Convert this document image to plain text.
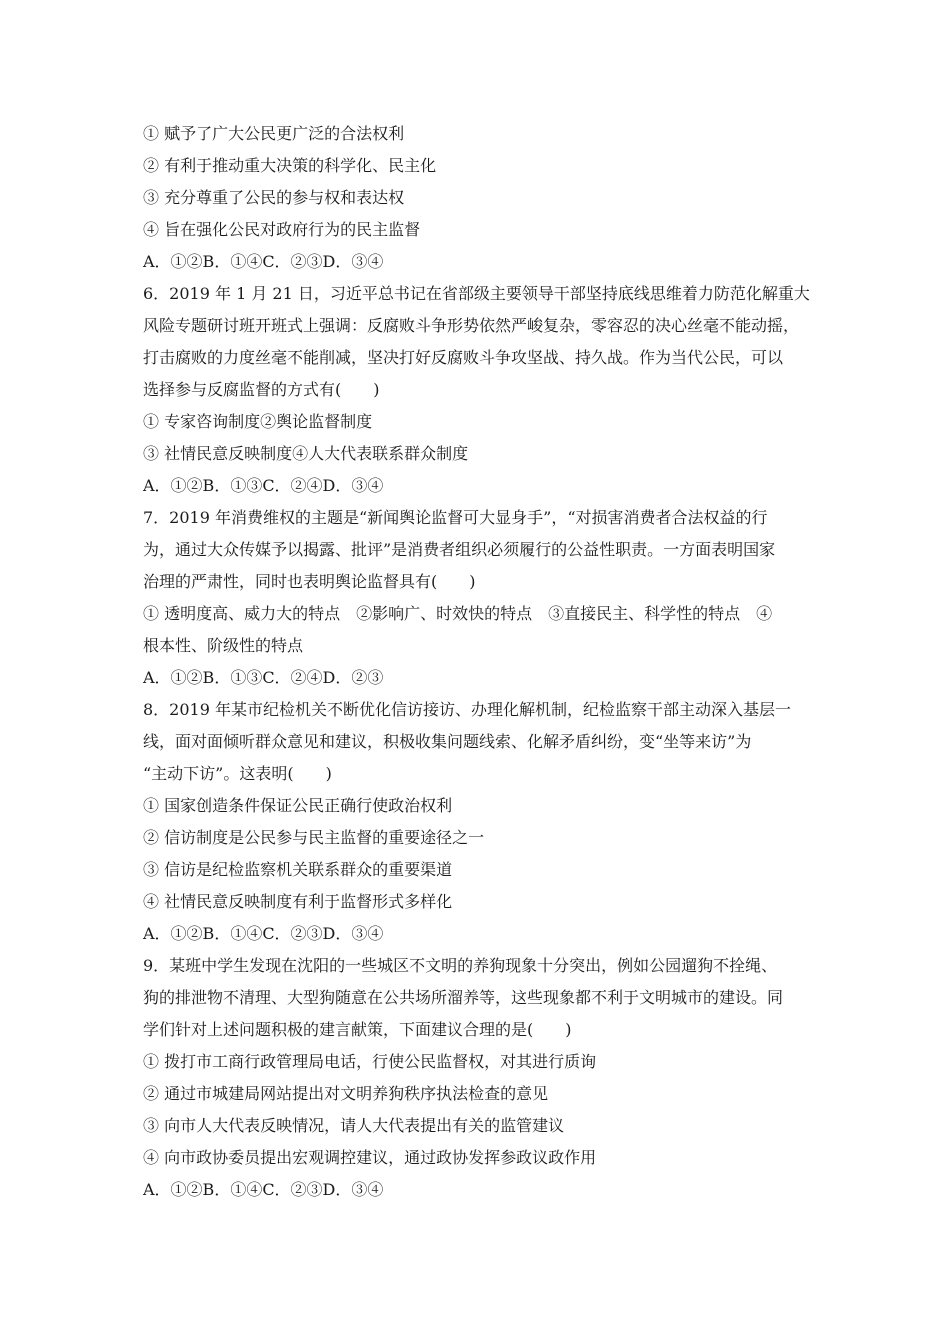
① 赋予了广大公民更广泛的合法权利
② 有利于推动重大决策的科学化、民主化
③ 充分尊重了公民的参与权和表达权
④ 旨在强化公民对政府行为的民主监督
A．①②B．①④C．②③D．③④
6．2019 年 1 月 21 日，习近平总书记在省部级主要领导干部坚持底线思维着力防范化解重大
风险专题研讨班开班式上强调：反腐败斗争形势依然严峻复杂，零容忍的决心丝毫不能动摇，
打击腐败的力度丝毫不能削减，坚决打好反腐败斗争攻坚战、持久战。作为当代公民，可以
选择参与反腐监督的方式有(　　)
① 专家咨询制度②舆论监督制度
③ 社情民意反映制度④人大代表联系群众制度
A．①②B．①③C．②④D．③④
7．2019 年消费维权的主题是“新闻舆论监督可大显身手”，“对损害消费者合法权益的行
为，通过大众传媒予以揭露、批评”是消费者组织必须履行的公益性职责。一方面表明国家
治理的严肃性，同时也表明舆论监督具有(　　)
① 透明度高、威力大的特点　②影响广、时效快的特点　③直接民主、科学性的特点　④
根本性、阶级性的特点
A．①②B．①③C．②④D．②③
8．2019 年某市纪检机关不断优化信访接访、办理化解机制，纪检监察干部主动深入基层一
线，面对面倾听群众意见和建议，积极收集问题线索、化解矛盾纠纷，变“坐等来访”为
“主动下访”。这表明(　　)
① 国家创造条件保证公民正确行使政治权利
② 信访制度是公民参与民主监督的重要途径之一
③ 信访是纪检监察机关联系群众的重要渠道
④ 社情民意反映制度有利于监督形式多样化
A．①②B．①④C．②③D．③④
9．某班中学生发现在沈阳的一些城区不文明的养狗现象十分突出，例如公园遛狗不拴绳、
狗的排泄物不清理、大型狗随意在公共场所溜养等，这些现象都不利于文明城市的建设。同
学们针对上述问题积极的建言献策，下面建议合理的是(　　)
① 拨打市工商行政管理局电话，行使公民监督权，对其进行质询
② 通过市城建局网站提出对文明养狗秩序执法检查的意见
③ 向市人大代表反映情况，请人大代表提出有关的监管建议
④ 向市政协委员提出宏观调控建议，通过政协发挥参政议政作用
A．①②B．①④C．②③D．③④
